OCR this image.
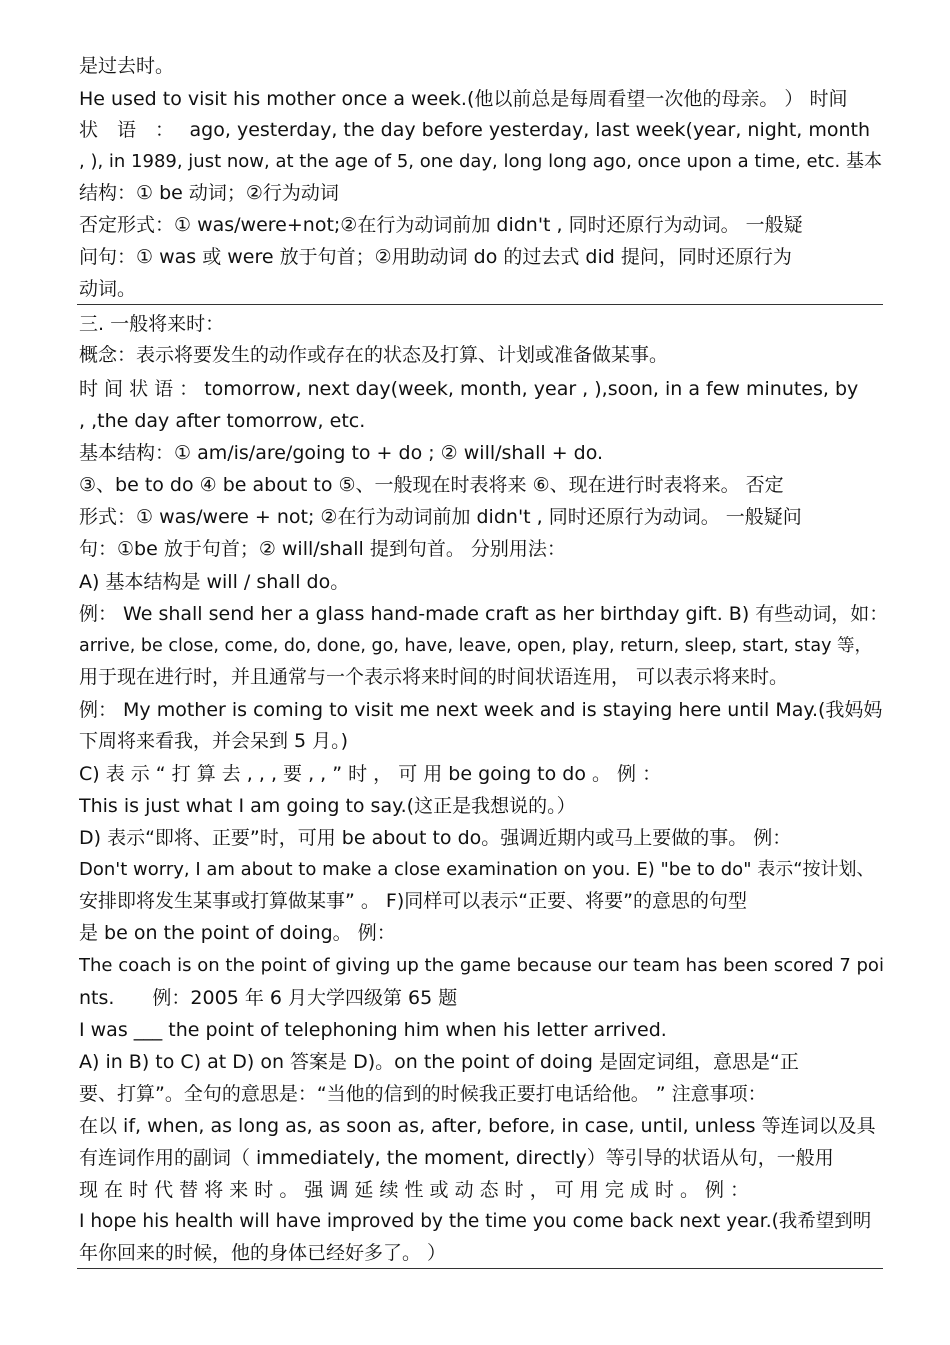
是过去时。
He used to visit his mother once a week.(他以前总是每周看望一次他的母亲。 ） 时间
状　语　：　 ago, yesterday, the day before yesterday, last week(year, night, month
, ), in 1989, just now, at the age of 5, one day, long long ago, once upon a time, etc. 基本
结构：① be 动词；②行为动词
否定形式：① was/were+not;②在行为动词前加 didn't , 同时还原行为动词。 一般疑
问句：① was 或 were 放于句首；②用助动词 do 的过去式 did 提问，同时还原行为
动词。
三. 一般将来时：
概念：表示将要发生的动作或存在的状态及打算、计划或准备做某事。
时 间 状 语 ： tomorrow, next day(week, month, year , ),soon, in a few minutes, by
, ,the day after tomorrow, etc.
基本结构：① am/is/are/going to + do ; ② will/shall + do.
③、be to do ④ be about to ⑤、一般现在时表将来 ⑥、现在进行时表将来。 否定
形式：① was/were + not; ②在行为动词前加 didn't , 同时还原行为动词。 一般疑问
句：①be 放于句首；② will/shall 提到句首。 分别用法：
A) 基本结构是 will / shall do。
例： We shall send her a glass hand-made craft as her birthday gift. B) 有些动词，如：
arrive, be close, come, do, done, go, have, leave, open, play, return, sleep, start, stay 等，
用于现在进行时，并且通常与一个表示将来时间的时间状语连用， 可以表示将来时。
例： My mother is coming to visit me next week and is staying here until May.(我妈妈
下周将来看我，并会呆到 5 月。)
C) 表 示 “ 打 算 去 , , , 要 , , ” 时 ， 可 用 be going to do 。 例 ：
This is just what I am going to say.(这正是我想说的。）
D) 表示“即将、正要”时，可用 be about to do。强调近期内或马上要做的事。 例：
Don't worry, I am about to make a close examination on you. E) "be to do" 表示“按计划、
安排即将发生某事或打算做某事” 。 F)同样可以表示“正要、将要”的意思的句型
是 be on the point of doing。 例：
The coach is on the point of giving up the game because our team has been scored 7 poi
nts.　　例：2005 年 6 月大学四级第 65 题
I was ___ the point of telephoning him when his letter arrived.
A) in B) to C) at D) on 答案是 D)。on the point of doing 是固定词组，意思是“正
要、打算”。全句的意思是：“当他的信到的时候我正要打电话给他。 ” 注意事项：
在以 if, when, as long as, as soon as, after, before, in case, until, unless 等连词以及具
有连词作用的副词（ immediately, the moment, directly）等引导的状语从句，一般用
现 在 时 代 替 将 来 时 。 强 调 延 续 性 或 动 态 时 ， 可 用 完 成 时 。 例 ：
I hope his health will have improved by the time you come back next year.(我希望到明
年你回来的时候，他的身体已经好多了。 ）
